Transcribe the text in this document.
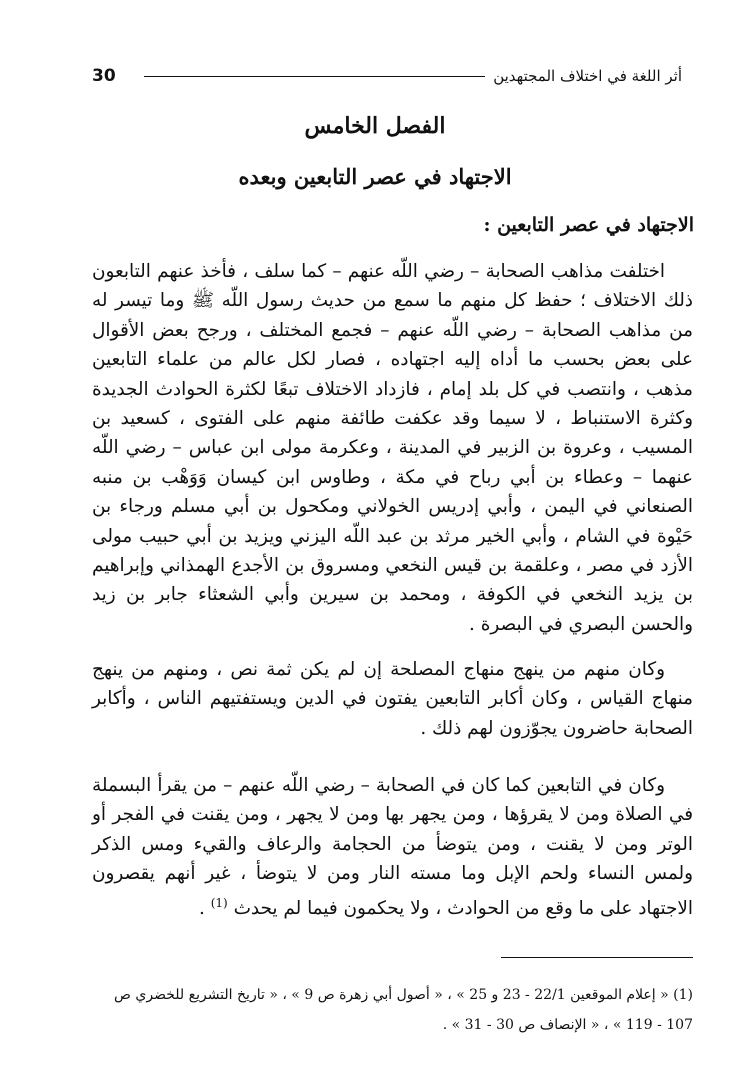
30	أثر اللغة في اختلاف المجتهدين
الفصل الخامس
الاجتهاد في عصر التابعين وبعده
الاجتهاد في عصر التابعين :

اختلفت مذاهب الصحابة – رضي اللّه عنهم – كما سلف ، فأخذ عنهم التابعون ذلك الاختلاف ؛ حفظ كل منهم ما سمع من حديث رسول اللّه ﷺ وما تيسر له من مذاهب الصحابة – رضي اللّه عنهم – فجمع المختلف ، ورجح بعض الأقوال على بعض بحسب ما أداه إليه اجتهاده ، فصار لكل عالم من علماء التابعين مذهب ، وانتصب في كل بلد إمام ، فازداد الاختلاف تبعًا لكثرة الحوادث الجديدة وكثرة الاستنباط ، لا سيما وقد عكفت طائفة منهم على الفتوى ، كسعيد بن المسيب ، وعروة بن الزبير في المدينة ، وعكرمة مولى ابن عباس – رضي اللّه عنهما – وعطاء بن أبي رباح في مكة ، وطاوس ابن كيسان وَوَهْب بن منبه الصنعاني في اليمن ، وأبي إدريس الخولاني ومكحول بن أبي مسلم ورجاء بن حَيْوة في الشام ، وأبي الخير مرثد بن عبد اللّه اليزني ويزيد بن أبي حبيب مولى الأزد في مصر ، وعلقمة بن قيس النخعي ومسروق بن الأجدع الهمذاني وإبراهيم بن يزيد النخعي في الكوفة ، ومحمد بن سيرين وأبي الشعثاء جابر بن زيد والحسن البصري في البصرة .

وكان منهم من ينهج منهاج المصلحة إن لم يكن ثمة نص ، ومنهم من ينهج منهاج القياس ، وكان أكابر التابعين يفتون في الدين ويستفتيهم الناس ، وأكابر الصحابة حاضرون يجوّزون لهم ذلك .

وكان في التابعين كما كان في الصحابة – رضي اللّه عنهم – من يقرأ البسملة في الصلاة ومن لا يقرؤها ، ومن يجهر بها ومن لا يجهر ، ومن يقنت في الفجر أو الوتر ومن لا يقنت ، ومن يتوضأ من الحجامة والرعاف والقيء ومس الذكر ولمس النساء ولحم الإبل وما مسته النار ومن لا يتوضأ ، غير أنهم يقصرون الاجتهاد على ما وقع من الحوادث ، ولا يحكمون فيما لم يحدث $^{(1)}$ .

(1) « إعلام الموقعين 22/1 - 23 و 25 » ، « أصول أبي زهرة ص 9 » ، « تاريخ التشريع للخضري ص 107 - 119 » ، « الإنصاف ص 30 - 31 » .
